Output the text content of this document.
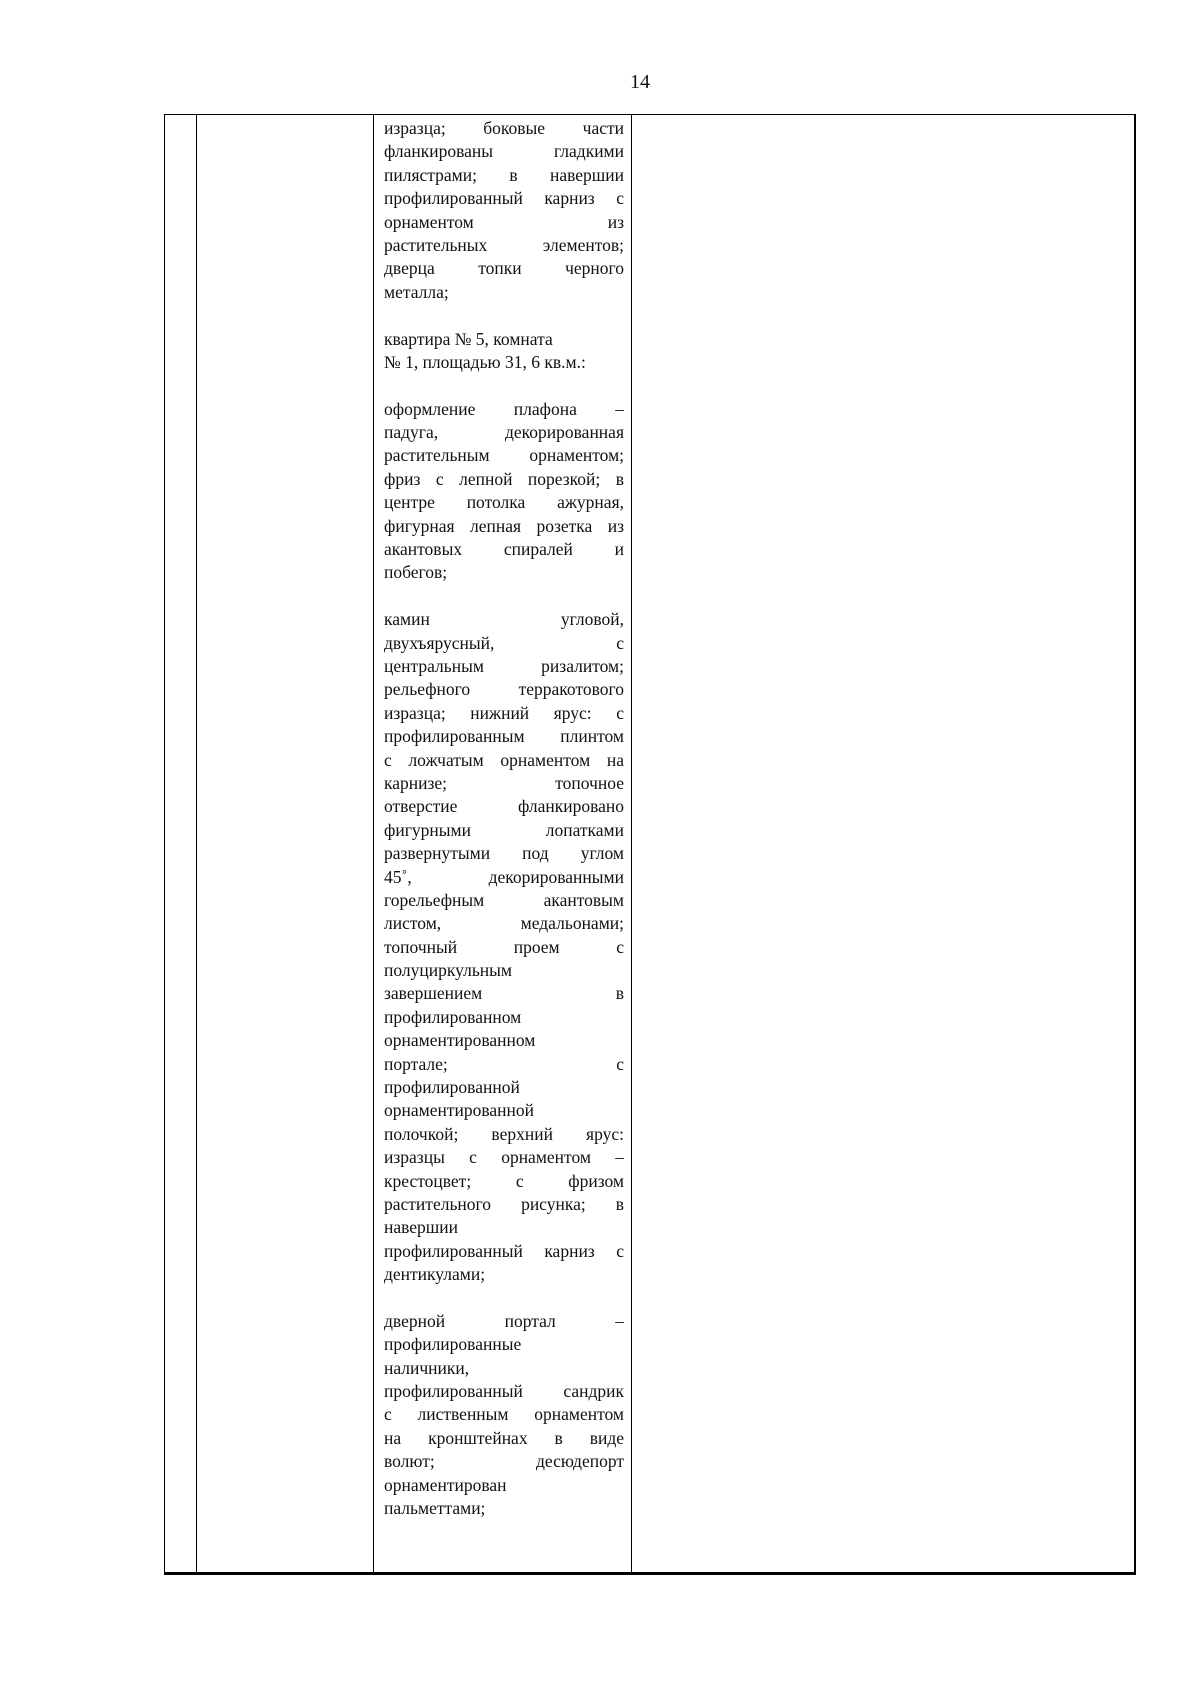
14
изразца; боковые части
фланкированы гладкими
пилястрами; в навершии
профилированный карниз с
орнаментом из
растительных элементов;
дверца топки черного
металла;
квартира № 5, комната
№ 1, площадью 31, 6 кв.м.:
оформление плафона –
падуга, декорированная
растительным орнаментом;
фриз с лепной порезкой; в
центре потолка ажурная,
фигурная лепная розетка из
акантовых спиралей и
побегов;
камин угловой,
двухъярусный, с
центральным ризалитом;
рельефного терракотового
изразца; нижний ярус: с
профилированным плинтом
с ложчатым орнаментом на
карнизе; топочное
отверстие фланкировано
фигурными лопатками
развернутыми под углом
45˚, декорированными
горельефным акантовым
листом, медальонами;
топочный проем с
полуциркульным
завершением в
профилированном
орнаментированном
портале; с
профилированной
орнаментированной
полочкой; верхний ярус:
изразцы с орнаментом –
крестоцвет; с фризом
растительного рисунка; в
навершии
профилированный карниз с
дентикулами;
дверной портал –
профилированные
наличники,
профилированный сандрик
с лиственным орнаментом
на кронштейнах в виде
волют; десюдепорт
орнаментирован
пальметтами;
